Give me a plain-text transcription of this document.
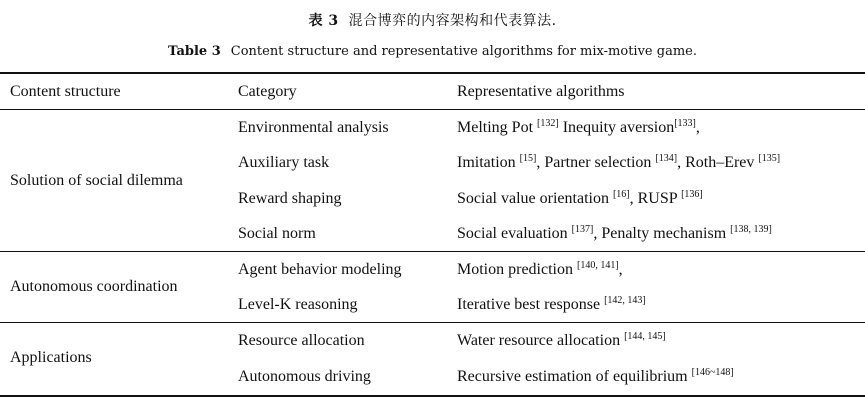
表 3 混合博弈的内容架构和代表算法.
Table 3 Content structure and representative algorithms for mix-motive game.
Content structure	Category	Representative algorithms
Solution of social dilemma
Environmental analysis	Melting Pot [132] Inequity aversion[133],
Auxiliary task	Imitation [15], Partner selection [134], Roth–Erev [135]
Reward shaping	Social value orientation [16], RUSP [136]
Social norm	Social evaluation [137], Penalty mechanism [138, 139]
Autonomous coordination
Agent behavior modeling	Motion prediction [140, 141],
Level-K reasoning	Iterative best response [142, 143]
Applications
Resource allocation	Water resource allocation [144, 145]
Autonomous driving	Recursive estimation of equilibrium [146~148]
